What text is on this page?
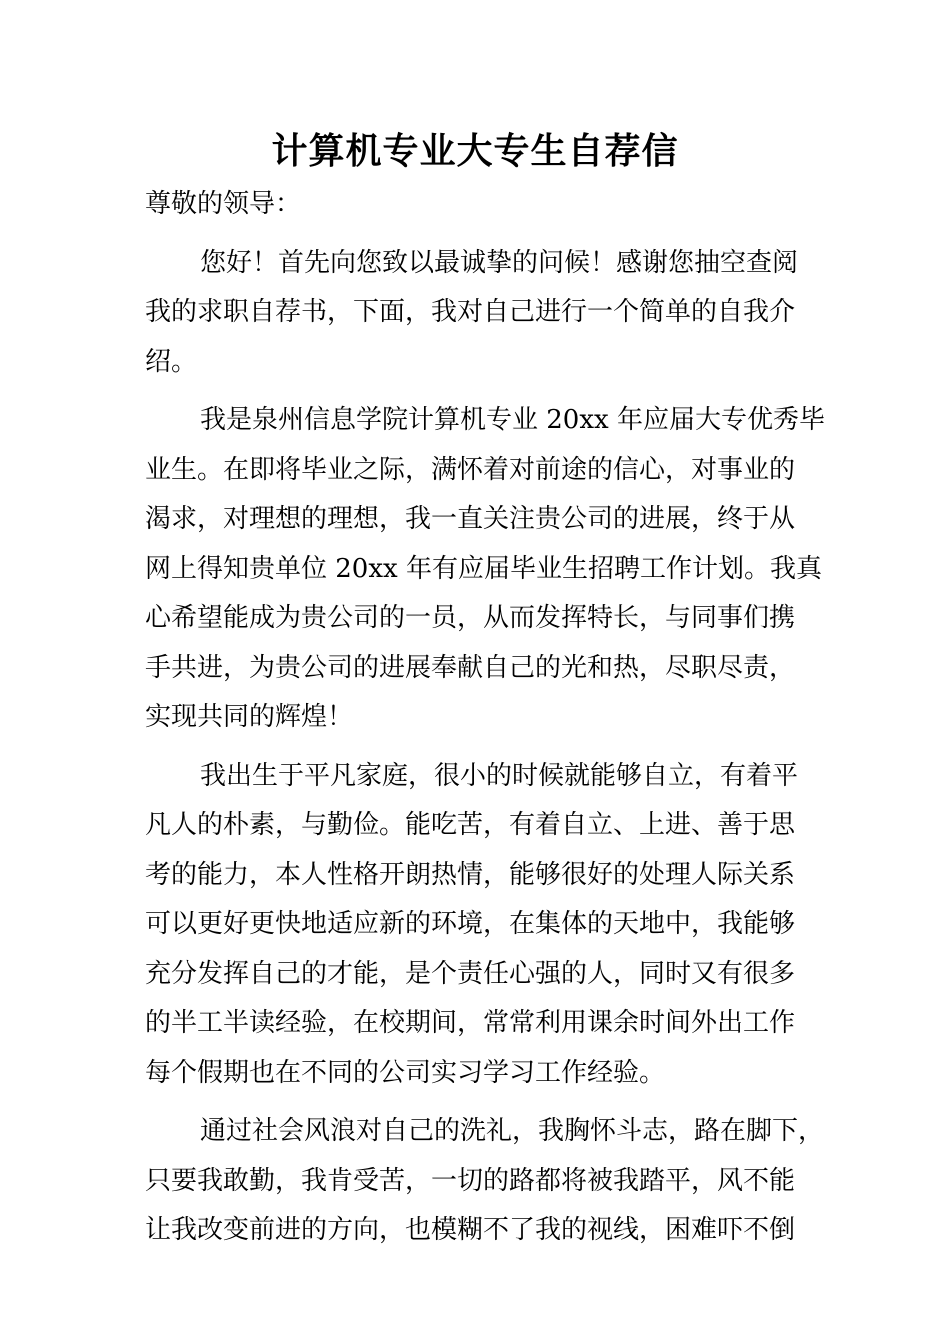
计算机专业大专生自荐信

尊敬的领导：

您好！首先向您致以最诚挚的问候！感谢您抽空查阅
我的求职自荐书，下面，我对自己进行一个简单的自我介
绍。

我是泉州信息学院计算机专业 20xx 年应届大专优秀毕
业生。在即将毕业之际，满怀着对前途的信心，对事业的
渴求，对理想的理想，我一直关注贵公司的进展，终于从
网上得知贵单位 20xx 年有应届毕业生招聘工作计划。我真
心希望能成为贵公司的一员，从而发挥特长，与同事们携
手共进，为贵公司的进展奉献自己的光和热，尽职尽责，
实现共同的辉煌！

我出生于平凡家庭，很小的时候就能够自立，有着平
凡人的朴素，与勤俭。能吃苦，有着自立、上进、善于思
考的能力，本人性格开朗热情，能够很好的处理人际关系
可以更好更快地适应新的环境，在集体的天地中，我能够
充分发挥自己的才能，是个责任心强的人，同时又有很多
的半工半读经验，在校期间，常常利用课余时间外出工作
每个假期也在不同的公司实习学习工作经验。

通过社会风浪对自己的洗礼，我胸怀斗志，路在脚下，
只要我敢勤，我肯受苦，一切的路都将被我踏平，风不能
让我改变前进的方向，也模糊不了我的视线，困难吓不倒
